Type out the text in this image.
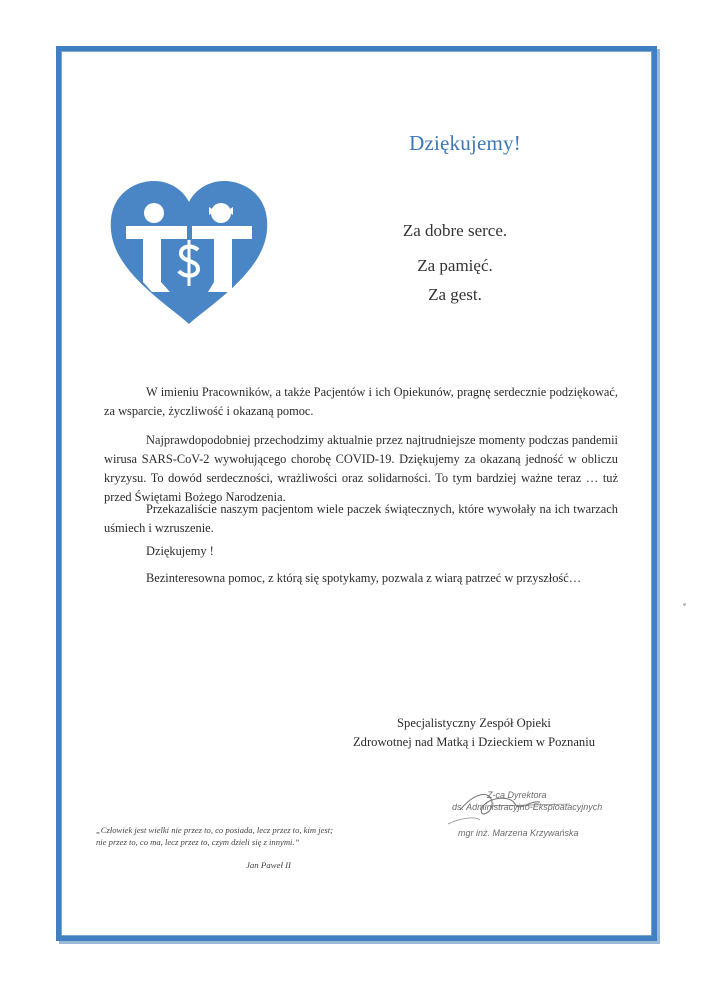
Dziękujemy!
Za dobre serce.
Za pamięć.
Za gest.

W imieniu Pracowników, a także Pacjentów i ich Opiekunów, pragnę serdecznie podziękować, za wsparcie, życzliwość i okazaną pomoc.

Najprawdopodobniej przechodzimy aktualnie przez najtrudniejsze momenty podczas pandemii wirusa SARS-CoV-2 wywołującego chorobę COVID-19. Dziękujemy za okazaną jedność w obliczu kryzysu. To dowód serdeczności, wrażliwości oraz solidarności. To tym bardziej ważne teraz … tuż przed Świętami Bożego Narodzenia.

Przekazaliście naszym pacjentom wiele paczek świątecznych, które wywołały na ich twarzach uśmiech i wzruszenie.

Dziękujemy !

Bezinteresowna pomoc, z którą się spotykamy, pozwala z wiarą patrzeć w przyszłość…

Specjalistyczny Zespół Opieki
Zdrowotnej nad Matką i Dzieckiem w Poznaniu
Z-ca Dyrektora
ds. Administracyjno-Eksploatacyjnych
mgr inż. Marzena Krzywańska
„Człowiek jest wielki nie przez to, co posiada, lecz przez to, kim jest;
nie przez to, co ma, lecz przez to, czym dzieli się z innymi.”
Jan Paweł II
